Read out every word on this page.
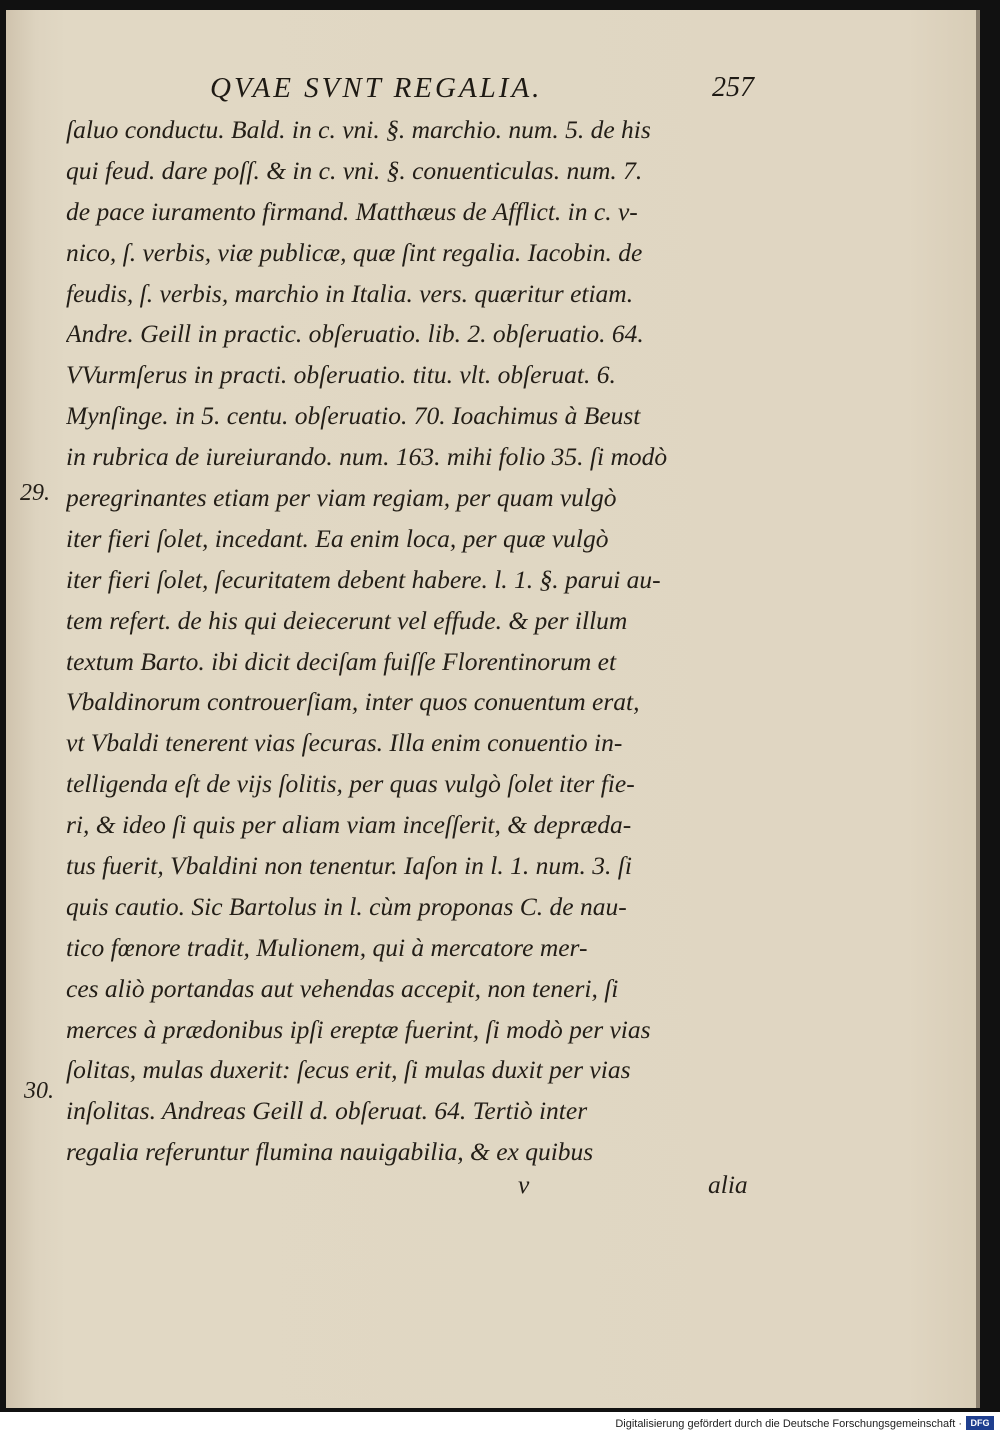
QVAE SVNT REGALIA.	257
29.
30.
ſaluo conductu. Bald. in c. vni. §. marchio. num. 5. de his
qui feud. dare poſſ. & in c. vni. §. conuenticulas. num. 7.
de pace iuramento firmand. Matthæus de Afflict. in c. v-
nico, ſ. verbis, viæ publicæ, quæ ſint regalia. Iacobin. de
feudis, ſ. verbis, marchio in Italia. vers. quæritur etiam.
Andre. Geill in practic. obſeruatio. lib. 2. obſeruatio. 64.
VVurmſerus in practi. obſeruatio. titu. vlt. obſeruat. 6.
Mynſinge. in 5. centu. obſeruatio. 70. Ioachimus à Beust
in rubrica de iureiurando. num. 163. mihi folio 35. ſi modò
peregrinantes etiam per viam regiam, per quam vulgò
iter fieri ſolet, incedant. Ea enim loca, per quæ vulgò
iter fieri ſolet, ſecuritatem debent habere. l. 1. §. parui au-
tem refert. de his qui deiecerunt vel effude. & per illum
textum Barto. ibi dicit deciſam fuiſſe Florentinorum et
Vbaldinorum controuerſiam, inter quos conuentum erat,
vt Vbaldi tenerent vias ſecuras. Illa enim conuentio in-
telligenda eſt de vijs ſolitis, per quas vulgò ſolet iter fie-
ri, & ideo ſi quis per aliam viam inceſſerit, & depræda-
tus fuerit, Vbaldini non tenentur. Iaſon in l. 1. num. 3. ſi
quis cautio. Sic Bartolus in l. cùm proponas C. de nau-
tico fœnore tradit, Mulionem, qui à mercatore mer-
ces aliò portandas aut vehendas accepit, non teneri, ſi
merces à prædonibus ipſi ereptæ fuerint, ſi modò per vias
ſolitas, mulas duxerit: ſecus erit, ſi mulas duxit per vias
inſolitas. Andreas Geill d. obſeruat. 64. Tertiò inter
regalia referuntur flumina nauigabilia, & ex quibus
v	alia
Digitalisierung gefördert durch die Deutsche Forschungsgemeinschaft · DFG
